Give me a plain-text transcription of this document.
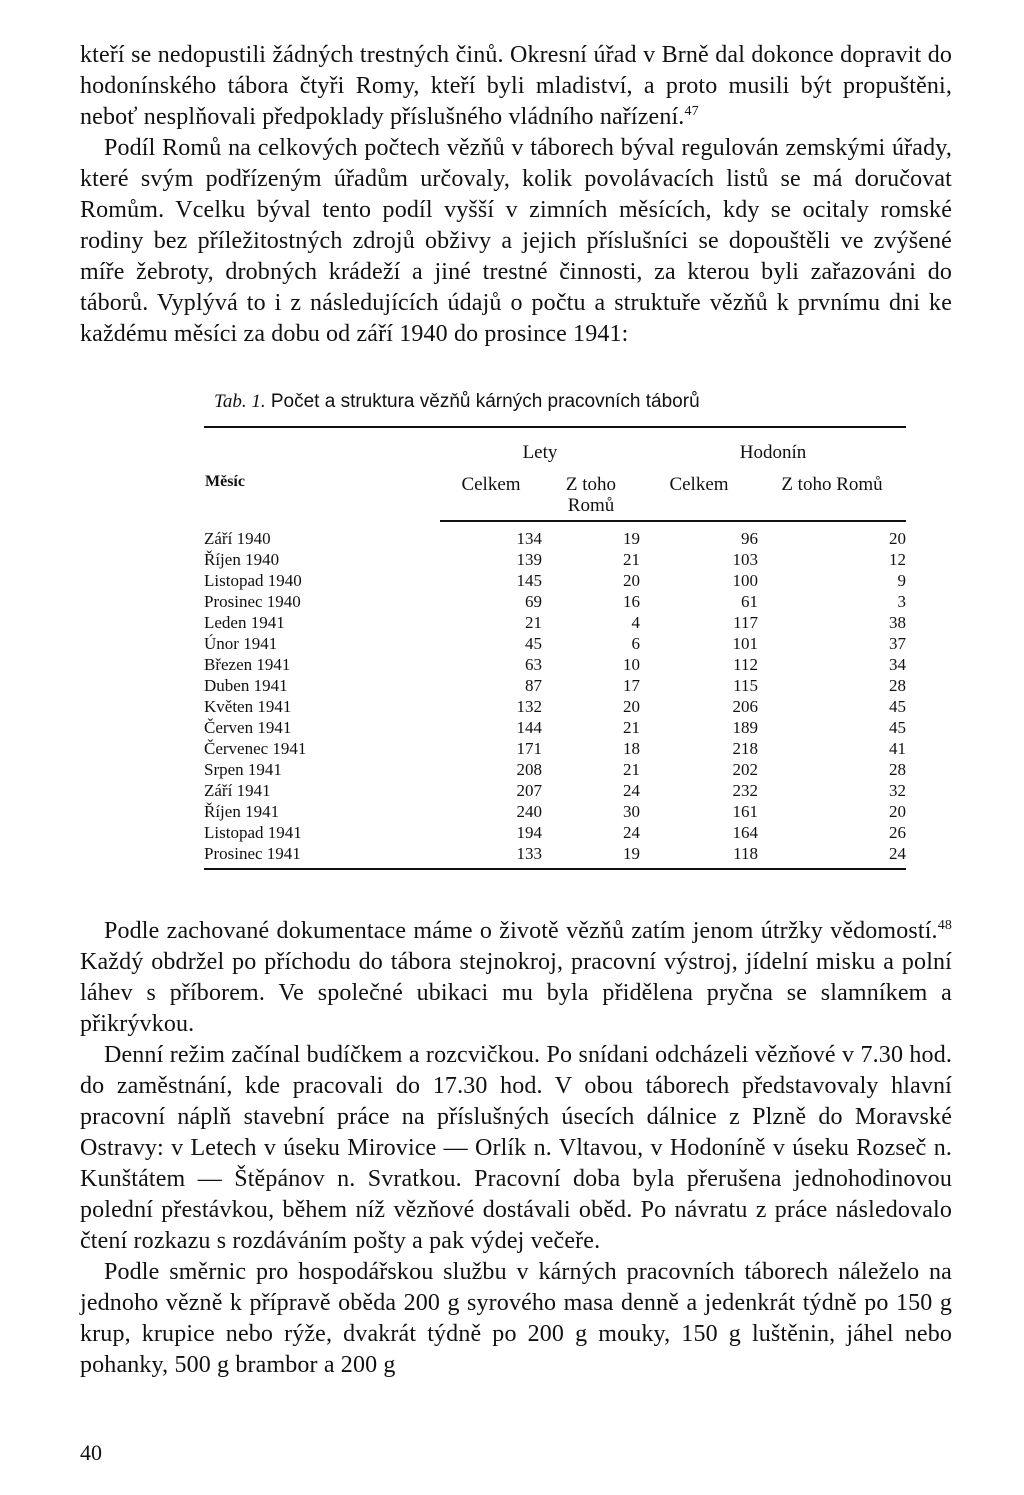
kteří se nedopustili žádných trestných činů. Okresní úřad v Brně dal dokonce dopravit do hodonínského tábora čtyři Romy, kteří byli mladiství, a proto musili být propuštěni, neboť nesplňovali předpoklady příslušného vládního nařízení.$^{47}$

Podíl Romů na celkových počtech vězňů v táborech býval regulován zemskými úřady, které svým podřízeným úřadům určovaly, kolik povolávacích listů se má doručovat Romům. Vcelku býval tento podíl vyšší v zimních měsících, kdy se ocitaly romské rodiny bez příležitostných zdrojů obživy a jejich příslušníci se dopouštěli ve zvýšené míře žebroty, drobných krádeží a jiné trestné činnosti, za kterou byli zařazováni do táborů. Vyplývá to i z následujících údajů o počtu a struktuře vězňů k prvnímu dni ke každému měsíci za dobu od září 1940 do prosince 1941:

Tab. 1. Počet a struktura vězňů kárných pracovních táborů
Měsíc	Lety		Hodonín	
	Celkem	Z toho Romů	Celkem	Z toho Romů
Září 1940	134	19	96	20
Říjen 1940	139	21	103	12
Listopad 1940	145	20	100	9
Prosinec 1940	69	16	61	3
Leden 1941	21	4	117	38
Únor 1941	45	6	101	37
Březen 1941	63	10	112	34
Duben 1941	87	17	115	28
Květen 1941	132	20	206	45
Červen 1941	144	21	189	45
Červenec 1941	171	18	218	41
Srpen 1941	208	21	202	28
Září 1941	207	24	232	32
Říjen 1941	240	30	161	20
Listopad 1941	194	24	164	26
Prosinec 1941	133	19	118	24

Podle zachované dokumentace máme o životě vězňů zatím jenom útržky vědomostí.$^{48}$ Každý obdržel po příchodu do tábora stejnokroj, pracovní výstroj, jídelní misku a polní láhev s příborem. Ve společné ubikaci mu byla přidělena pryčna se slamníkem a přikrývkou.

Denní režim začínal budíčkem a rozcvičkou. Po snídani odcházeli vězňové v 7.30 hod. do zaměstnání, kde pracovali do 17.30 hod. V obou táborech představovaly hlavní pracovní náplň stavební práce na příslušných úsecích dálnice z Plzně do Moravské Ostravy: v Letech v úseku Mirovice — Orlík n. Vltavou, v Hodoníně v úseku Rozseč n. Kunštátem — Štěpánov n. Svratkou. Pracovní doba byla přerušena jednohodinovou polední přestávkou, během níž vězňové dostávali oběd. Po návratu z práce následovalo čtení rozkazu s rozdáváním pošty a pak výdej večeře.

Podle směrnic pro hospodářskou službu v kárných pracovních táborech náleželo na jednoho vězně k přípravě oběda 200 g syrového masa denně a jedenkrát týdně po 150 g krup, krupice nebo rýže, dvakrát týdně po 200 g mouky, 150 g luštěnin, jáhel nebo pohanky, 500 g brambor a 200 g

40
